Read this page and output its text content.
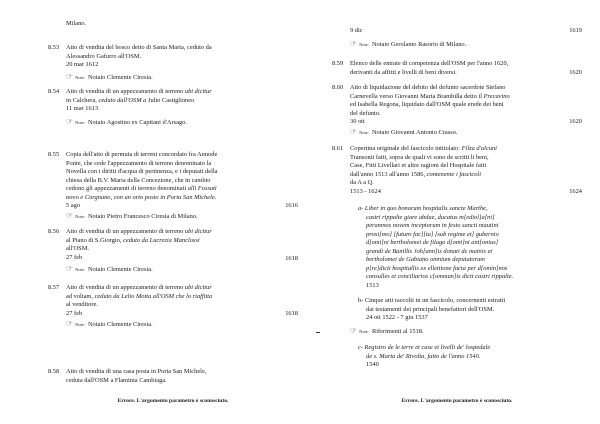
Milano.
8.53 Atto di vendita del bosco detto di Santa Marta, ceduto da
Alessandro Gafurro all'OSM.
20 mar 1612
☞ Note: Notaio Clemente Ciresia.
8.54 Atto di vendita di un appezzamento di terreno ubi dicitur
in Calchera, ceduto dall'OSM a Julio Castiglioneo
11 mar 1613
☞ Note: Notaio Agostino ex Capitani d'Arsago.
8.55 Copia dell'atto di permuta di terreni concordato fra Annode
Ponte, che cede l'appezzamento di terreno denominato la
Novella con i diritti d'acqua di pertinenza, e i deputati della
chiesa della B.V. Maria della Concezione, che in cambio
cedono gli appezzamenti di terreno denominati alli Fossati
novo e Corgnano, con un orto posto in Porta San Michele.
5 ago	1616
☞ Note: Notaio Pietro Francesco Ciresia di Milano.
8.56 Atto di vendita di un appezzamento di terreno ubi dicitur
al Piano di S.Giorgio, ceduto da Lucrezia Manclossi
all'OSM.
27 feb	1618
☞ Note: Notaio Clemente Ciresia.
8.57 Atto di vendita di un appezzamento di terreno ubi dicitur
ad voltam, ceduto da Lelio Motta all'OSM che lo riaffitta
al venditore.
27 feb	1618
☞ Note: Notaio Clemente Ciresia.
8.58 Atto di vendita di una casa posta in Porta San Michele,
ceduta dall'OSM a Flaminia Cambiaga.
Errore. L'argomento parametro è sconosciuto.
9 dic	1619
☞ Note: Notaio Gerolamo Rasorio di Milano.
8.59 Elenco delle entrate di competenza dell'OSM per l'anno 1620,
derivanti da affitti e livelli di beni diversi.	1620
8.60 Atto di liquidazione del debito del defunto sacerdote Stefano
Carnevella verso Giovanni Maria Brambilla detto il Precavino
ed Isabella Regona, liquidato dall'OSM quale erede dei beni
del defunto.
30 ott	1620
☞ Note: Notaio Giovanni Antonio Crasso.
8.61 Copertina originale del fascicolo intitolato: Filza d'alcuni
Transonti fatti, sopra de quali vi sono de scritti li beni,
Case, Fitti Livellari et altre ragioni del Hospitale fatti
dall'anno 1513 all'anno 1586, contenente i fascicoli
da A a Q.
1513 - 1624	1624
a- Liber in quo bonorum hospitalis sancte Marthe,
castri rippalte giare abdue, ducatus m[ediol]a[ni]
peramnos novem inceptorum in festo sancti mautini
proxi[mo] [futuro fac][ta] [sub regime et] gubernio
d[omi]ni bertholomei de filago d[omi]ni ant[onius]
grandi de Banillis Joh[ann]is donati de mainis et
bertholomei de Gabiano omnium deputatorum
p[re]dicti hospitallis ex ellettione facta per d[omin]nos
consulles et conciliarios c[ommun]is dicti castri rippalte.
1513
b- Cinque atti raccolti in un fascicolo, concernenti estratti
dai testamenti dei principali benefattori dell'OSM.
24 ott 1522 - 7 giu 1537
☞ Note: Riferimenti al 1518.
c- Registro de le terre et case et livelli de' lospedale
de s. Marta de' Rivolta, fatto de l'anno 1540.
1540
Errore. L'argomento parametro è sconosciuto.
